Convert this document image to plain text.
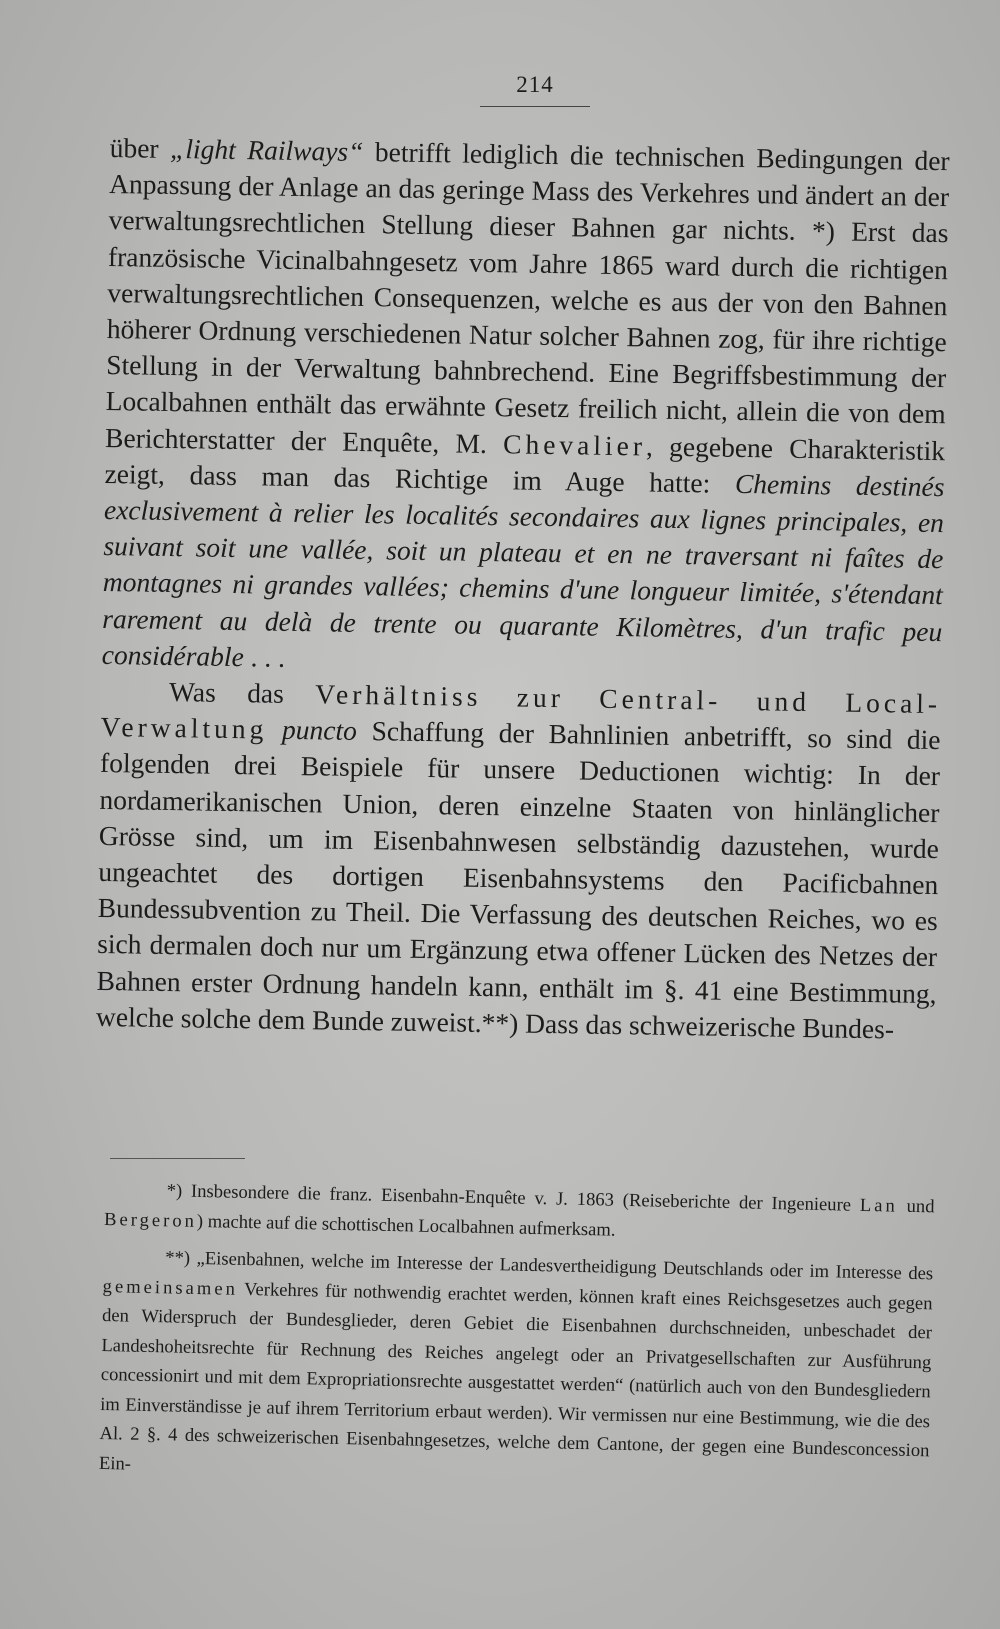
214

über „light Railways“ betrifft lediglich die technischen Bedingungen der Anpassung der Anlage an das geringe Mass des Verkehres und ändert an der verwaltungsrechtlichen Stellung dieser Bahnen gar nichts. *) Erst das französische Vicinalbahngesetz vom Jahre 1865 ward durch die richtigen verwaltungsrechtlichen Consequenzen, welche es aus der von den Bahnen höherer Ordnung verschiedenen Natur solcher Bahnen zog, für ihre richtige Stellung in der Verwaltung bahnbrechend. Eine Begriffsbestimmung der Localbahnen enthält das erwähnte Gesetz freilich nicht, allein die von dem Berichterstatter der Enquête, M. Chevalier, gegebene Charakteristik zeigt, dass man das Richtige im Auge hatte: Chemins destinés exclusivement à relier les localités secondaires aux lignes principales, en suivant soit une vallée, soit un plateau et en ne traversant ni faîtes de montagnes ni grandes vallées; chemins d'une longueur limitée, s'étendant rarement au delà de trente ou quarante Kilomètres, d'un trafic peu considérable . . .

Was das Verhältniss zur Central- und Local-Verwaltung puncto Schaffung der Bahnlinien anbetrifft, so sind die folgenden drei Beispiele für unsere Deductionen wichtig: In der nordamerikanischen Union, deren einzelne Staaten von hinlänglicher Grösse sind, um im Eisenbahnwesen selbständig dazustehen, wurde ungeachtet des dortigen Eisenbahnsystems den Pacificbahnen Bundessubvention zu Theil. Die Verfassung des deutschen Reiches, wo es sich dermalen doch nur um Ergänzung etwa offener Lücken des Netzes der Bahnen erster Ordnung handeln kann, enthält im §. 41 eine Bestimmung, welche solche dem Bunde zuweist.**) Dass das schweizerische Bundes-

*) Insbesondere die franz. Eisenbahn-Enquête v. J. 1863 (Reiseberichte der Ingenieure Lan und Bergeron) machte auf die schottischen Localbahnen aufmerksam.

**) „Eisenbahnen, welche im Interesse der Landesvertheidigung Deutschlands oder im Interesse des gemeinsamen Verkehres für nothwendig erachtet werden, können kraft eines Reichsgesetzes auch gegen den Widerspruch der Bundesglieder, deren Gebiet die Eisenbahnen durchschneiden, unbeschadet der Landeshoheitsrechte für Rechnung des Reiches angelegt oder an Privatgesellschaften zur Ausführung concessionirt und mit dem Expropriationsrechte ausgestattet werden“ (natürlich auch von den Bundesgliedern im Einverständisse je auf ihrem Territorium erbaut werden). Wir vermissen nur eine Bestimmung, wie die des Al. 2 §. 4 des schweizerischen Eisenbahngesetzes, welche dem Cantone, der gegen eine Bundesconcession Ein-
